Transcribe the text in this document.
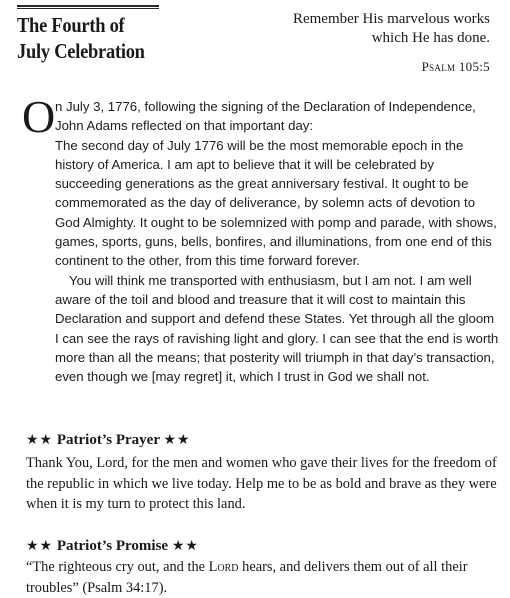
The Fourth of
July Celebration
Remember His marvelous works
which He has done.
Psalm 105:5
O n July 3, 1776, following the signing of the Declaration of Independence, John Adams reflected on that important day:

The second day of July 1776 will be the most memorable epoch in the history of America. I am apt to believe that it will be celebrated by succeeding generations as the great anniversary festival. It ought to be commemorated as the day of deliverance, by solemn acts of devotion to God Almighty. It ought to be solemnized with pomp and parade, with shows, games, sports, guns, bells, bonfires, and illuminations, from one end of this continent to the other, from this time forward forever.

You will think me transported with enthusiasm, but I am not. I am well aware of the toil and blood and treasure that it will cost to maintain this Declaration and support and defend these States. Yet through all the gloom I can see the rays of ravishing light and glory. I can see that the end is worth more than all the means; that posterity will triumph in that day’s transaction, even though we [may regret] it, which I trust in God we shall not.

★★ Patriot’s Prayer ★★
Thank You, Lord, for the men and women who gave their lives for the freedom of the republic in which we live today. Help me to be as bold and brave as they were when it is my turn to protect this land.
★★ Patriot’s Promise ★★
“The righteous cry out, and the Lord hears, and delivers them out of all their troubles” (Psalm 34:17).
